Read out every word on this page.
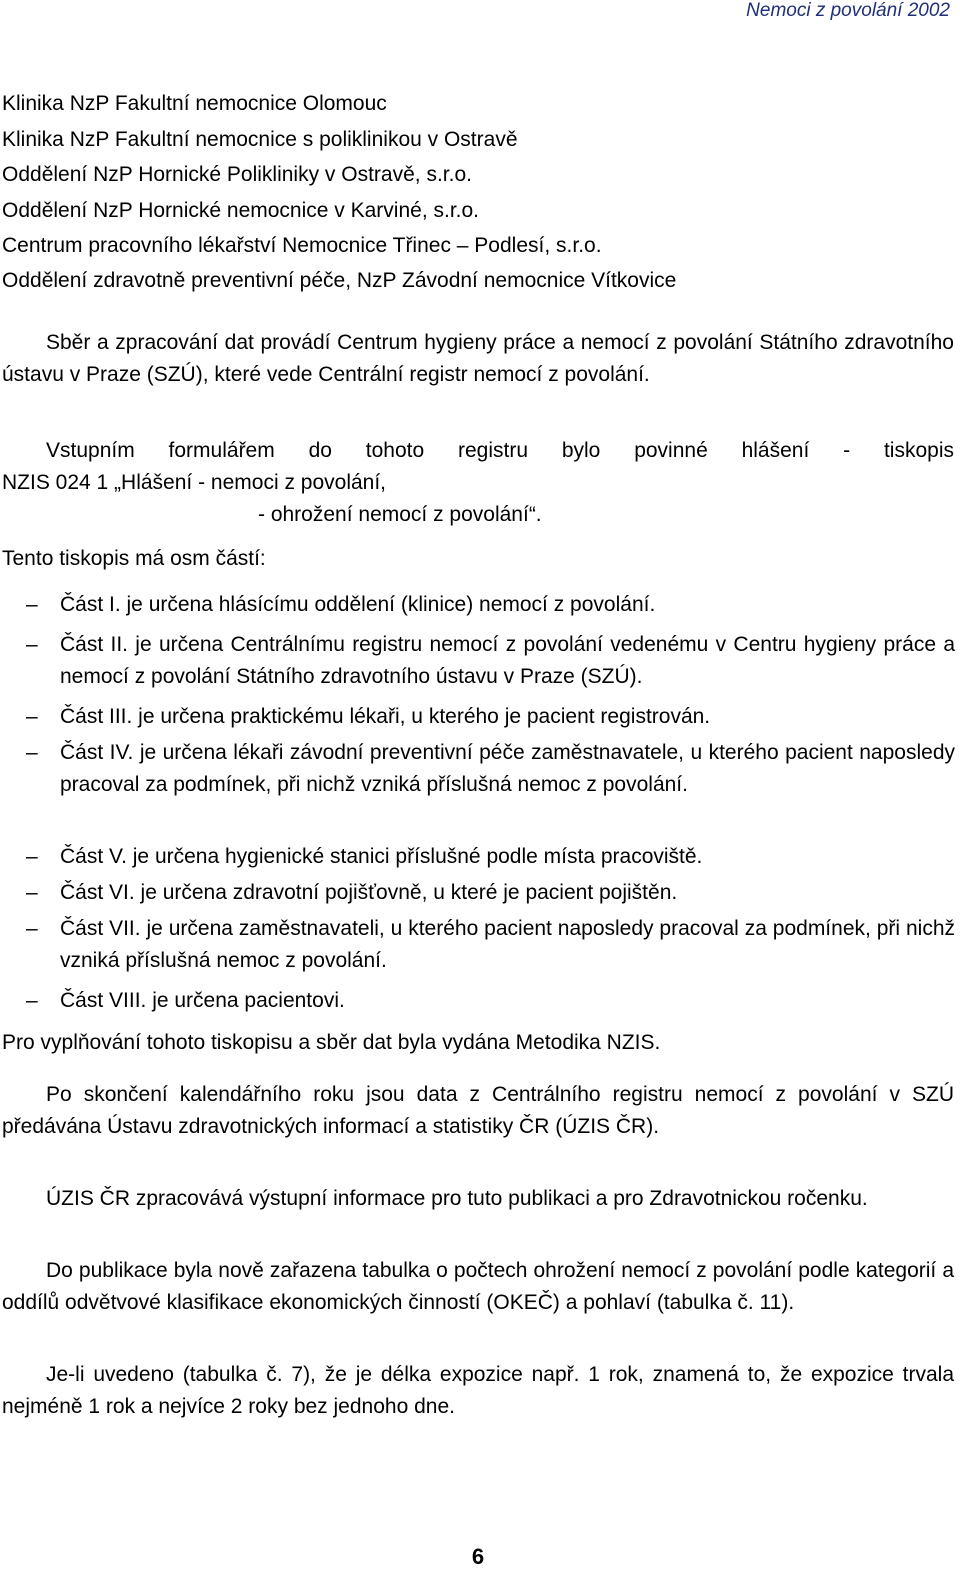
Nemoci z povolání 2002
Klinika NzP Fakultní nemocnice Olomouc
Klinika NzP Fakultní nemocnice s poliklinikou v Ostravě
Oddělení NzP Hornické Polikliniky v Ostravě, s.r.o.
Oddělení NzP Hornické nemocnice v Karviné, s.r.o.
Centrum pracovního lékařství Nemocnice Třinec – Podlesí, s.r.o.
Oddělení zdravotně preventivní péče, NzP Závodní nemocnice Vítkovice
Sběr a zpracování dat provádí Centrum hygieny práce a nemocí z povolání Státního zdravotního ústavu v Praze (SZÚ), které vede Centrální registr nemocí z povolání.
Vstupním formulářem do tohoto registru bylo povinné hlášení - tiskopis
NZIS 024 1 „Hlášení - nemoci z povolání,
- ohrožení nemocí z povolání“.
Tento tiskopis má osm částí:
– Část I. je určena hlásícímu oddělení (klinice) nemocí z povolání.
– Část II. je určena Centrálnímu registru nemocí z povolání vedenému v Centru hygieny práce a nemocí z povolání Státního zdravotního ústavu v Praze (SZÚ).
– Část III. je určena praktickému lékaři, u kterého je pacient registrován.
– Část IV. je určena lékaři závodní preventivní péče zaměstnavatele, u kterého pacient naposledy pracoval za podmínek, při nichž vzniká příslušná nemoc z povolání.
– Část V. je určena hygienické stanici příslušné podle místa pracoviště.
– Část VI. je určena zdravotní pojišťovně, u které je pacient pojištěn.
– Část VII. je určena zaměstnavateli, u kterého pacient naposledy pracoval za podmínek, při nichž vzniká příslušná nemoc z povolání.
– Část VIII. je určena pacientovi.
Pro vyplňování tohoto tiskopisu a sběr dat byla vydána Metodika NZIS.
Po skončení kalendářního roku jsou data z Centrálního registru nemocí z povolání v SZÚ předávána Ústavu zdravotnických informací a statistiky ČR (ÚZIS ČR).
ÚZIS ČR zpracovává výstupní informace pro tuto publikaci a pro Zdravotnickou ročenku.
Do publikace byla nově zařazena tabulka o počtech ohrožení nemocí z povolání podle kategorií a oddílů odvětvové klasifikace ekonomických činností (OKEČ) a pohlaví (tabulka č. 11).
Je-li uvedeno (tabulka č. 7), že je délka expozice např. 1 rok, znamená to, že expozice trvala nejméně 1 rok a nejvíce 2 roky bez jednoho dne.
6
